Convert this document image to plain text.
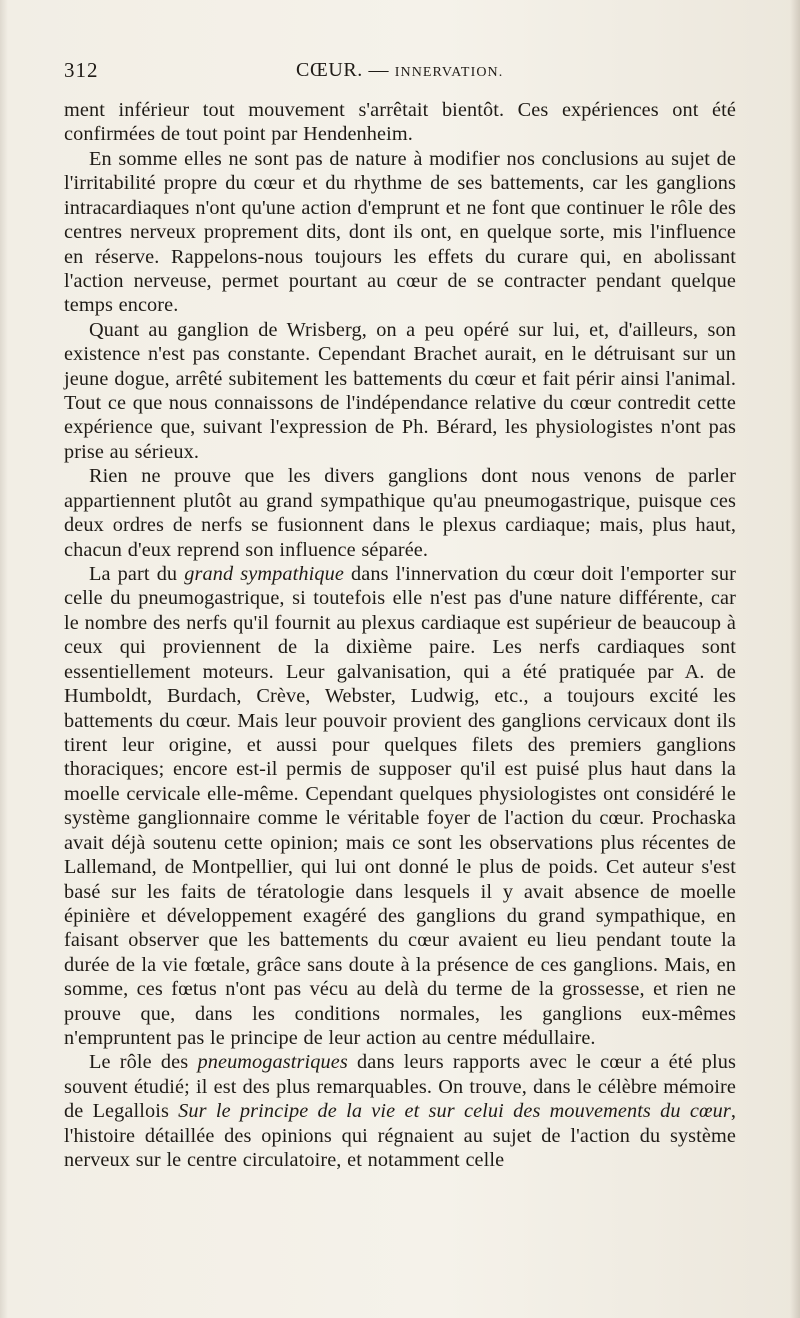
312	CŒUR. — INNERVATION.

ment inférieur tout mouvement s'arrêtait bientôt. Ces expériences ont été confirmées de tout point par Hendenheim.

En somme elles ne sont pas de nature à modifier nos conclusions au sujet de l'irritabilité propre du cœur et du rhythme de ses battements, car les ganglions intracardiaques n'ont qu'une action d'emprunt et ne font que continuer le rôle des centres nerveux proprement dits, dont ils ont, en quelque sorte, mis l'influence en réserve. Rappelons-nous toujours les effets du curare qui, en abolissant l'action nerveuse, permet pourtant au cœur de se contracter pendant quelque temps encore.

Quant au ganglion de Wrisberg, on a peu opéré sur lui, et, d'ailleurs, son existence n'est pas constante. Cependant Brachet aurait, en le détruisant sur un jeune dogue, arrêté subitement les battements du cœur et fait périr ainsi l'animal. Tout ce que nous connaissons de l'indépendance relative du cœur contredit cette expérience que, suivant l'expression de Ph. Bérard, les physiologistes n'ont pas prise au sérieux.

Rien ne prouve que les divers ganglions dont nous venons de parler appartiennent plutôt au grand sympathique qu'au pneumogastrique, puisque ces deux ordres de nerfs se fusionnent dans le plexus cardiaque; mais, plus haut, chacun d'eux reprend son influence séparée.

La part du grand sympathique dans l'innervation du cœur doit l'emporter sur celle du pneumogastrique, si toutefois elle n'est pas d'une nature différente, car le nombre des nerfs qu'il fournit au plexus cardiaque est supérieur de beaucoup à ceux qui proviennent de la dixième paire. Les nerfs cardiaques sont essentiellement moteurs. Leur galvanisation, qui a été pratiquée par A. de Humboldt, Burdach, Crève, Webster, Ludwig, etc., a toujours excité les battements du cœur. Mais leur pouvoir provient des ganglions cervicaux dont ils tirent leur origine, et aussi pour quelques filets des premiers ganglions thoraciques; encore est-il permis de supposer qu'il est puisé plus haut dans la moelle cervicale elle-même. Cependant quelques physiologistes ont considéré le système ganglionnaire comme le véritable foyer de l'action du cœur. Prochaska avait déjà soutenu cette opinion; mais ce sont les observations plus récentes de Lallemand, de Montpellier, qui lui ont donné le plus de poids. Cet auteur s'est basé sur les faits de tératologie dans lesquels il y avait absence de moelle épinière et développement exagéré des ganglions du grand sympathique, en faisant observer que les battements du cœur avaient eu lieu pendant toute la durée de la vie fœtale, grâce sans doute à la présence de ces ganglions. Mais, en somme, ces fœtus n'ont pas vécu au delà du terme de la grossesse, et rien ne prouve que, dans les conditions normales, les ganglions eux-mêmes n'empruntent pas le principe de leur action au centre médullaire.

Le rôle des pneumogastriques dans leurs rapports avec le cœur a été plus souvent étudié; il est des plus remarquables. On trouve, dans le célèbre mémoire de Legallois Sur le principe de la vie et sur celui des mouvements du cœur, l'histoire détaillée des opinions qui régnaient au sujet de l'action du système nerveux sur le centre circulatoire, et notamment celle
